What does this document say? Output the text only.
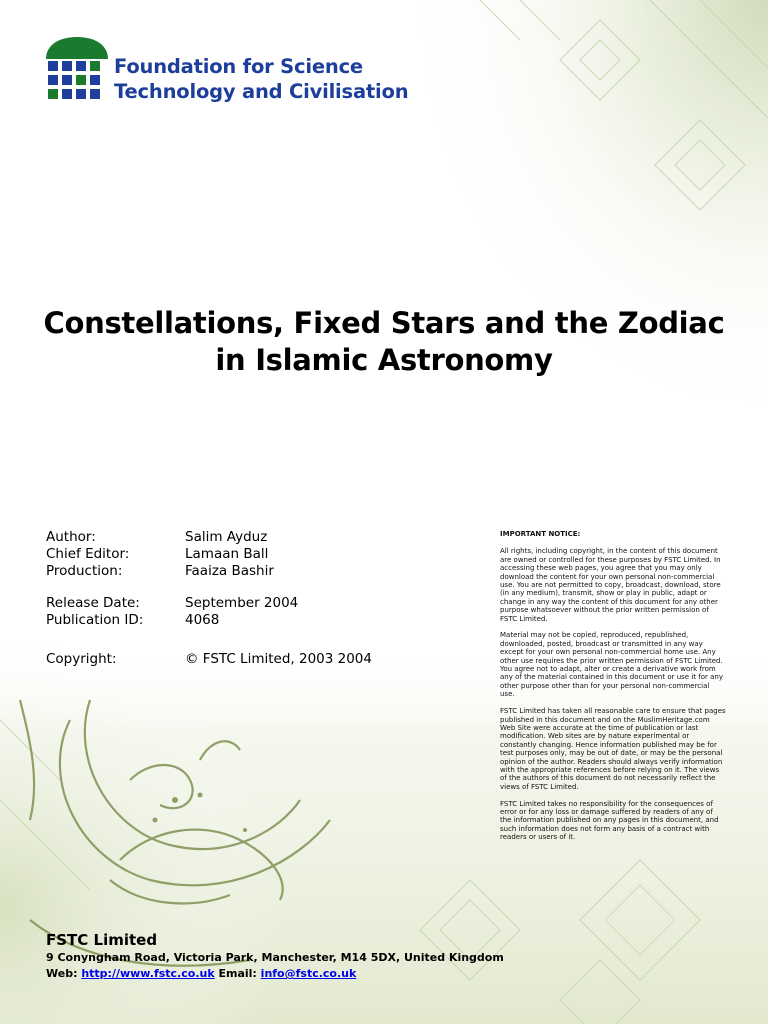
Foundation for Science
Technology and Civilisation
Constellations, Fixed Stars and the Zodiac
in Islamic Astronomy
Author:	Salim Ayduz
Chief Editor:	Lamaan Ball
Production:	Faaiza Bashir
Release Date:	September 2004
Publication ID:	4068
Copyright:	© FSTC Limited, 2003 2004
IMPORTANT NOTICE:

All rights, including copyright, in the content of this document are owned or controlled for these purposes by FSTC Limited. In accessing these web pages, you agree that you may only download the content for your own personal non-commercial use. You are not permitted to copy, broadcast, download, store (in any medium), transmit, show or play in public, adapt or change in any way the content of this document for any other purpose whatsoever without the prior written permission of FSTC Limited.

Material may not be copied, reproduced, republished, downloaded, posted, broadcast or transmitted in any way except for your own personal non-commercial home use. Any other use requires the prior written permission of FSTC Limited. You agree not to adapt, alter or create a derivative work from any of the material contained in this document or use it for any other purpose other than for your personal non-commercial use.

FSTC Limited has taken all reasonable care to ensure that pages published in this document and on the MuslimHeritage.com Web Site were accurate at the time of publication or last modification. Web sites are by nature experimental or constantly changing. Hence information published may be for test purposes only, may be out of date, or may be the personal opinion of the author. Readers should always verify information with the appropriate references before relying on it. The views of the authors of this document do not necessarily reflect the views of FSTC Limited.

FSTC Limited takes no responsibility for the consequences of error or for any loss or damage suffered by readers of any of the information published on any pages in this document, and such information does not form any basis of a contract with readers or users of it.

FSTC Limited
9 Conyngham Road, Victoria Park, Manchester, M14 5DX, United Kingdom
Web: http://www.fstc.co.uk Email: info@fstc.co.uk
